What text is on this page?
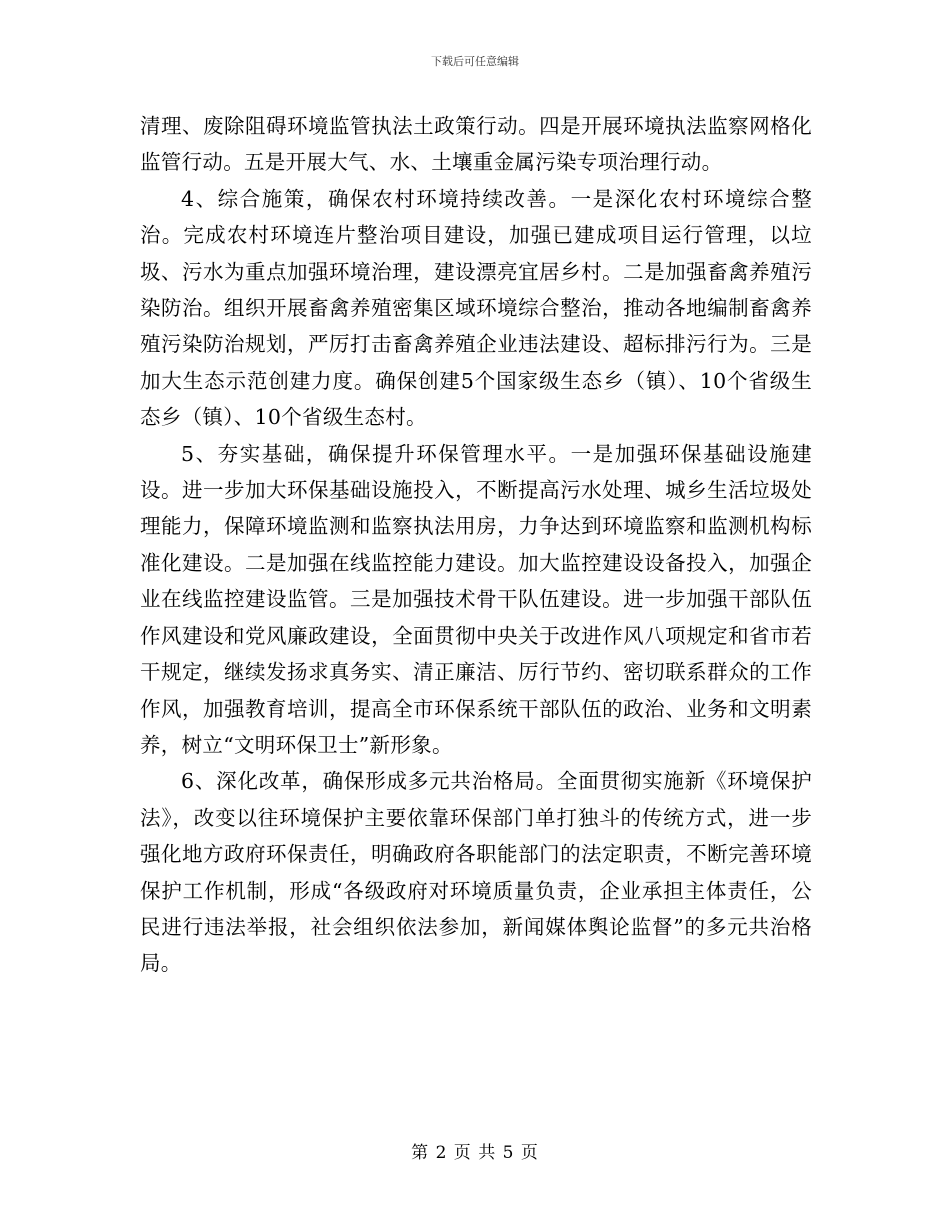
下载后可任意编辑

清理、废除阻碍环境监管执法土政策行动。四是开展环境执法监察网格化监管行动。五是开展大气、水、土壤重金属污染专项治理行动。

4、综合施策，确保农村环境持续改善。一是深化农村环境综合整治。完成农村环境连片整治项目建设，加强已建成项目运行管理，以垃圾、污水为重点加强环境治理，建设漂亮宜居乡村。二是加强畜禽养殖污染防治。组织开展畜禽养殖密集区域环境综合整治，推动各地编制畜禽养殖污染防治规划，严厉打击畜禽养殖企业违法建设、超标排污行为。三是加大生态示范创建力度。确保创建5个国家级生态乡（镇）、10个省级生态乡（镇）、10个省级生态村。

5、夯实基础，确保提升环保管理水平。一是加强环保基础设施建设。进一步加大环保基础设施投入，不断提高污水处理、城乡生活垃圾处理能力，保障环境监测和监察执法用房，力争达到环境监察和监测机构标准化建设。二是加强在线监控能力建设。加大监控建设设备投入，加强企业在线监控建设监管。三是加强技术骨干队伍建设。进一步加强干部队伍作风建设和党风廉政建设，全面贯彻中央关于改进作风八项规定和省市若干规定，继续发扬求真务实、清正廉洁、厉行节约、密切联系群众的工作作风，加强教育培训，提高全市环保系统干部队伍的政治、业务和文明素养，树立“文明环保卫士”新形象。

6、深化改革，确保形成多元共治格局。全面贯彻实施新《环境保护法》，改变以往环境保护主要依靠环保部门单打独斗的传统方式，进一步强化地方政府环保责任，明确政府各职能部门的法定职责，不断完善环境保护工作机制，形成“各级政府对环境质量负责，企业承担主体责任，公民进行违法举报，社会组织依法参加，新闻媒体舆论监督”的多元共治格局。

第 2 页 共 5 页
